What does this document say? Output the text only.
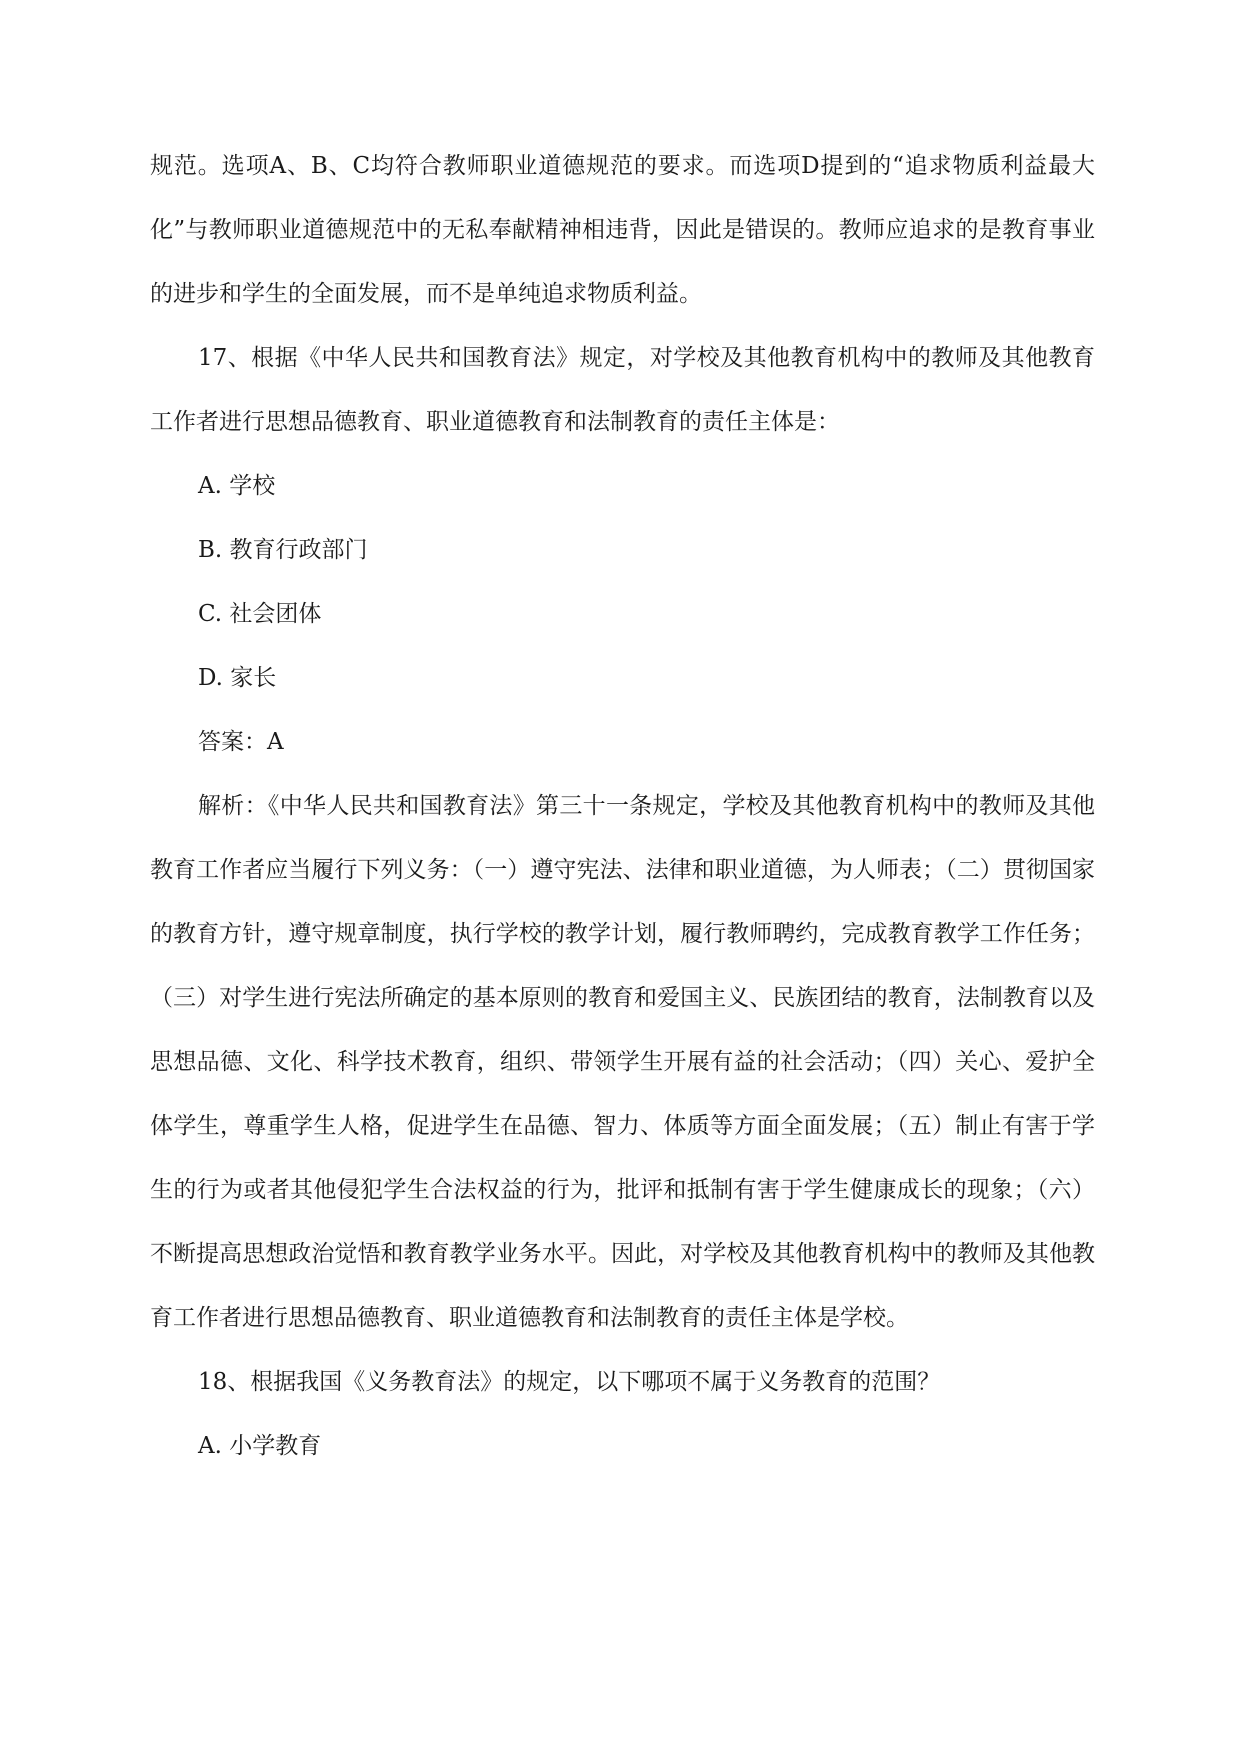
规范。选项A、B、C均符合教师职业道德规范的要求。而选项D提到的“追求物质利益最大化”与教师职业道德规范中的无私奉献精神相违背，因此是错误的。教师应追求的是教育事业的进步和学生的全面发展，而不是单纯追求物质利益。

17、根据《中华人民共和国教育法》规定，对学校及其他教育机构中的教师及其他教育工作者进行思想品德教育、职业道德教育和法制教育的责任主体是：

A. 学校

B. 教育行政部门

C. 社会团体

D. 家长

答案：A

解析：《中华人民共和国教育法》第三十一条规定，学校及其他教育机构中的教师及其他教育工作者应当履行下列义务：（一）遵守宪法、法律和职业道德，为人师表；（二）贯彻国家的教育方针，遵守规章制度，执行学校的教学计划，履行教师聘约，完成教育教学工作任务；（三）对学生进行宪法所确定的基本原则的教育和爱国主义、民族团结的教育，法制教育以及思想品德、文化、科学技术教育，组织、带领学生开展有益的社会活动；（四）关心、爱护全体学生，尊重学生人格，促进学生在品德、智力、体质等方面全面发展；（五）制止有害于学生的行为或者其他侵犯学生合法权益的行为，批评和抵制有害于学生健康成长的现象；（六）不断提高思想政治觉悟和教育教学业务水平。因此，对学校及其他教育机构中的教师及其他教育工作者进行思想品德教育、职业道德教育和法制教育的责任主体是学校。

18、根据我国《义务教育法》的规定，以下哪项不属于义务教育的范围？

A. 小学教育
